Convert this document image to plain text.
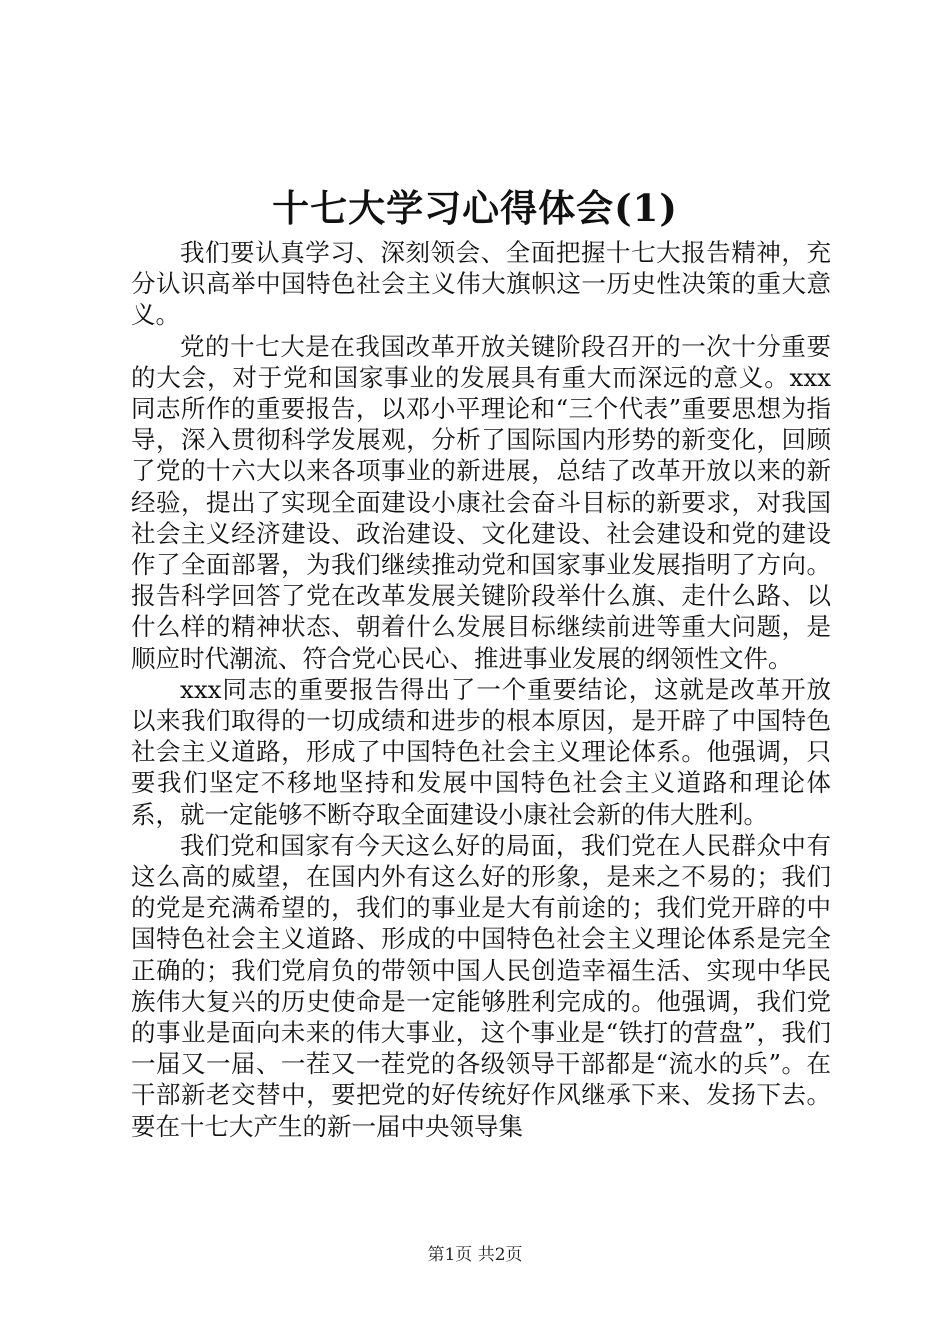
十七大学习心得体会(1)

我们要认真学习、深刻领会、全面把握十七大报告精神，充分认识高举中国特色社会主义伟大旗帜这一历史性决策的重大意义。

党的十七大是在我国改革开放关键阶段召开的一次十分重要的大会，对于党和国家事业的发展具有重大而深远的意义。xxx同志所作的重要报告，以邓小平理论和“三个代表”重要思想为指导，深入贯彻科学发展观，分析了国际国内形势的新变化，回顾了党的十六大以来各项事业的新进展，总结了改革开放以来的新经验，提出了实现全面建设小康社会奋斗目标的新要求，对我国社会主义经济建设、政治建设、文化建设、社会建设和党的建设作了全面部署，为我们继续推动党和国家事业发展指明了方向。报告科学回答了党在改革发展关键阶段举什么旗、走什么路、以什么样的精神状态、朝着什么发展目标继续前进等重大问题，是顺应时代潮流、符合党心民心、推进事业发展的纲领性文件。

xxx同志的重要报告得出了一个重要结论，这就是改革开放以来我们取得的一切成绩和进步的根本原因，是开辟了中国特色社会主义道路，形成了中国特色社会主义理论体系。他强调，只要我们坚定不移地坚持和发展中国特色社会主义道路和理论体系，就一定能够不断夺取全面建设小康社会新的伟大胜利。

我们党和国家有今天这么好的局面，我们党在人民群众中有这么高的威望，在国内外有这么好的形象，是来之不易的；我们的党是充满希望的，我们的事业是大有前途的；我们党开辟的中国特色社会主义道路、形成的中国特色社会主义理论体系是完全正确的；我们党肩负的带领中国人民创造幸福生活、实现中华民族伟大复兴的历史使命是一定能够胜利完成的。他强调，我们党的事业是面向未来的伟大事业，这个事业是“铁打的营盘”，我们一届又一届、一茬又一茬党的各级领导干部都是“流水的兵”。在干部新老交替中，要把党的好传统好作风继承下来、发扬下去。要在十七大产生的新一届中央领导集

第1页 共2页
